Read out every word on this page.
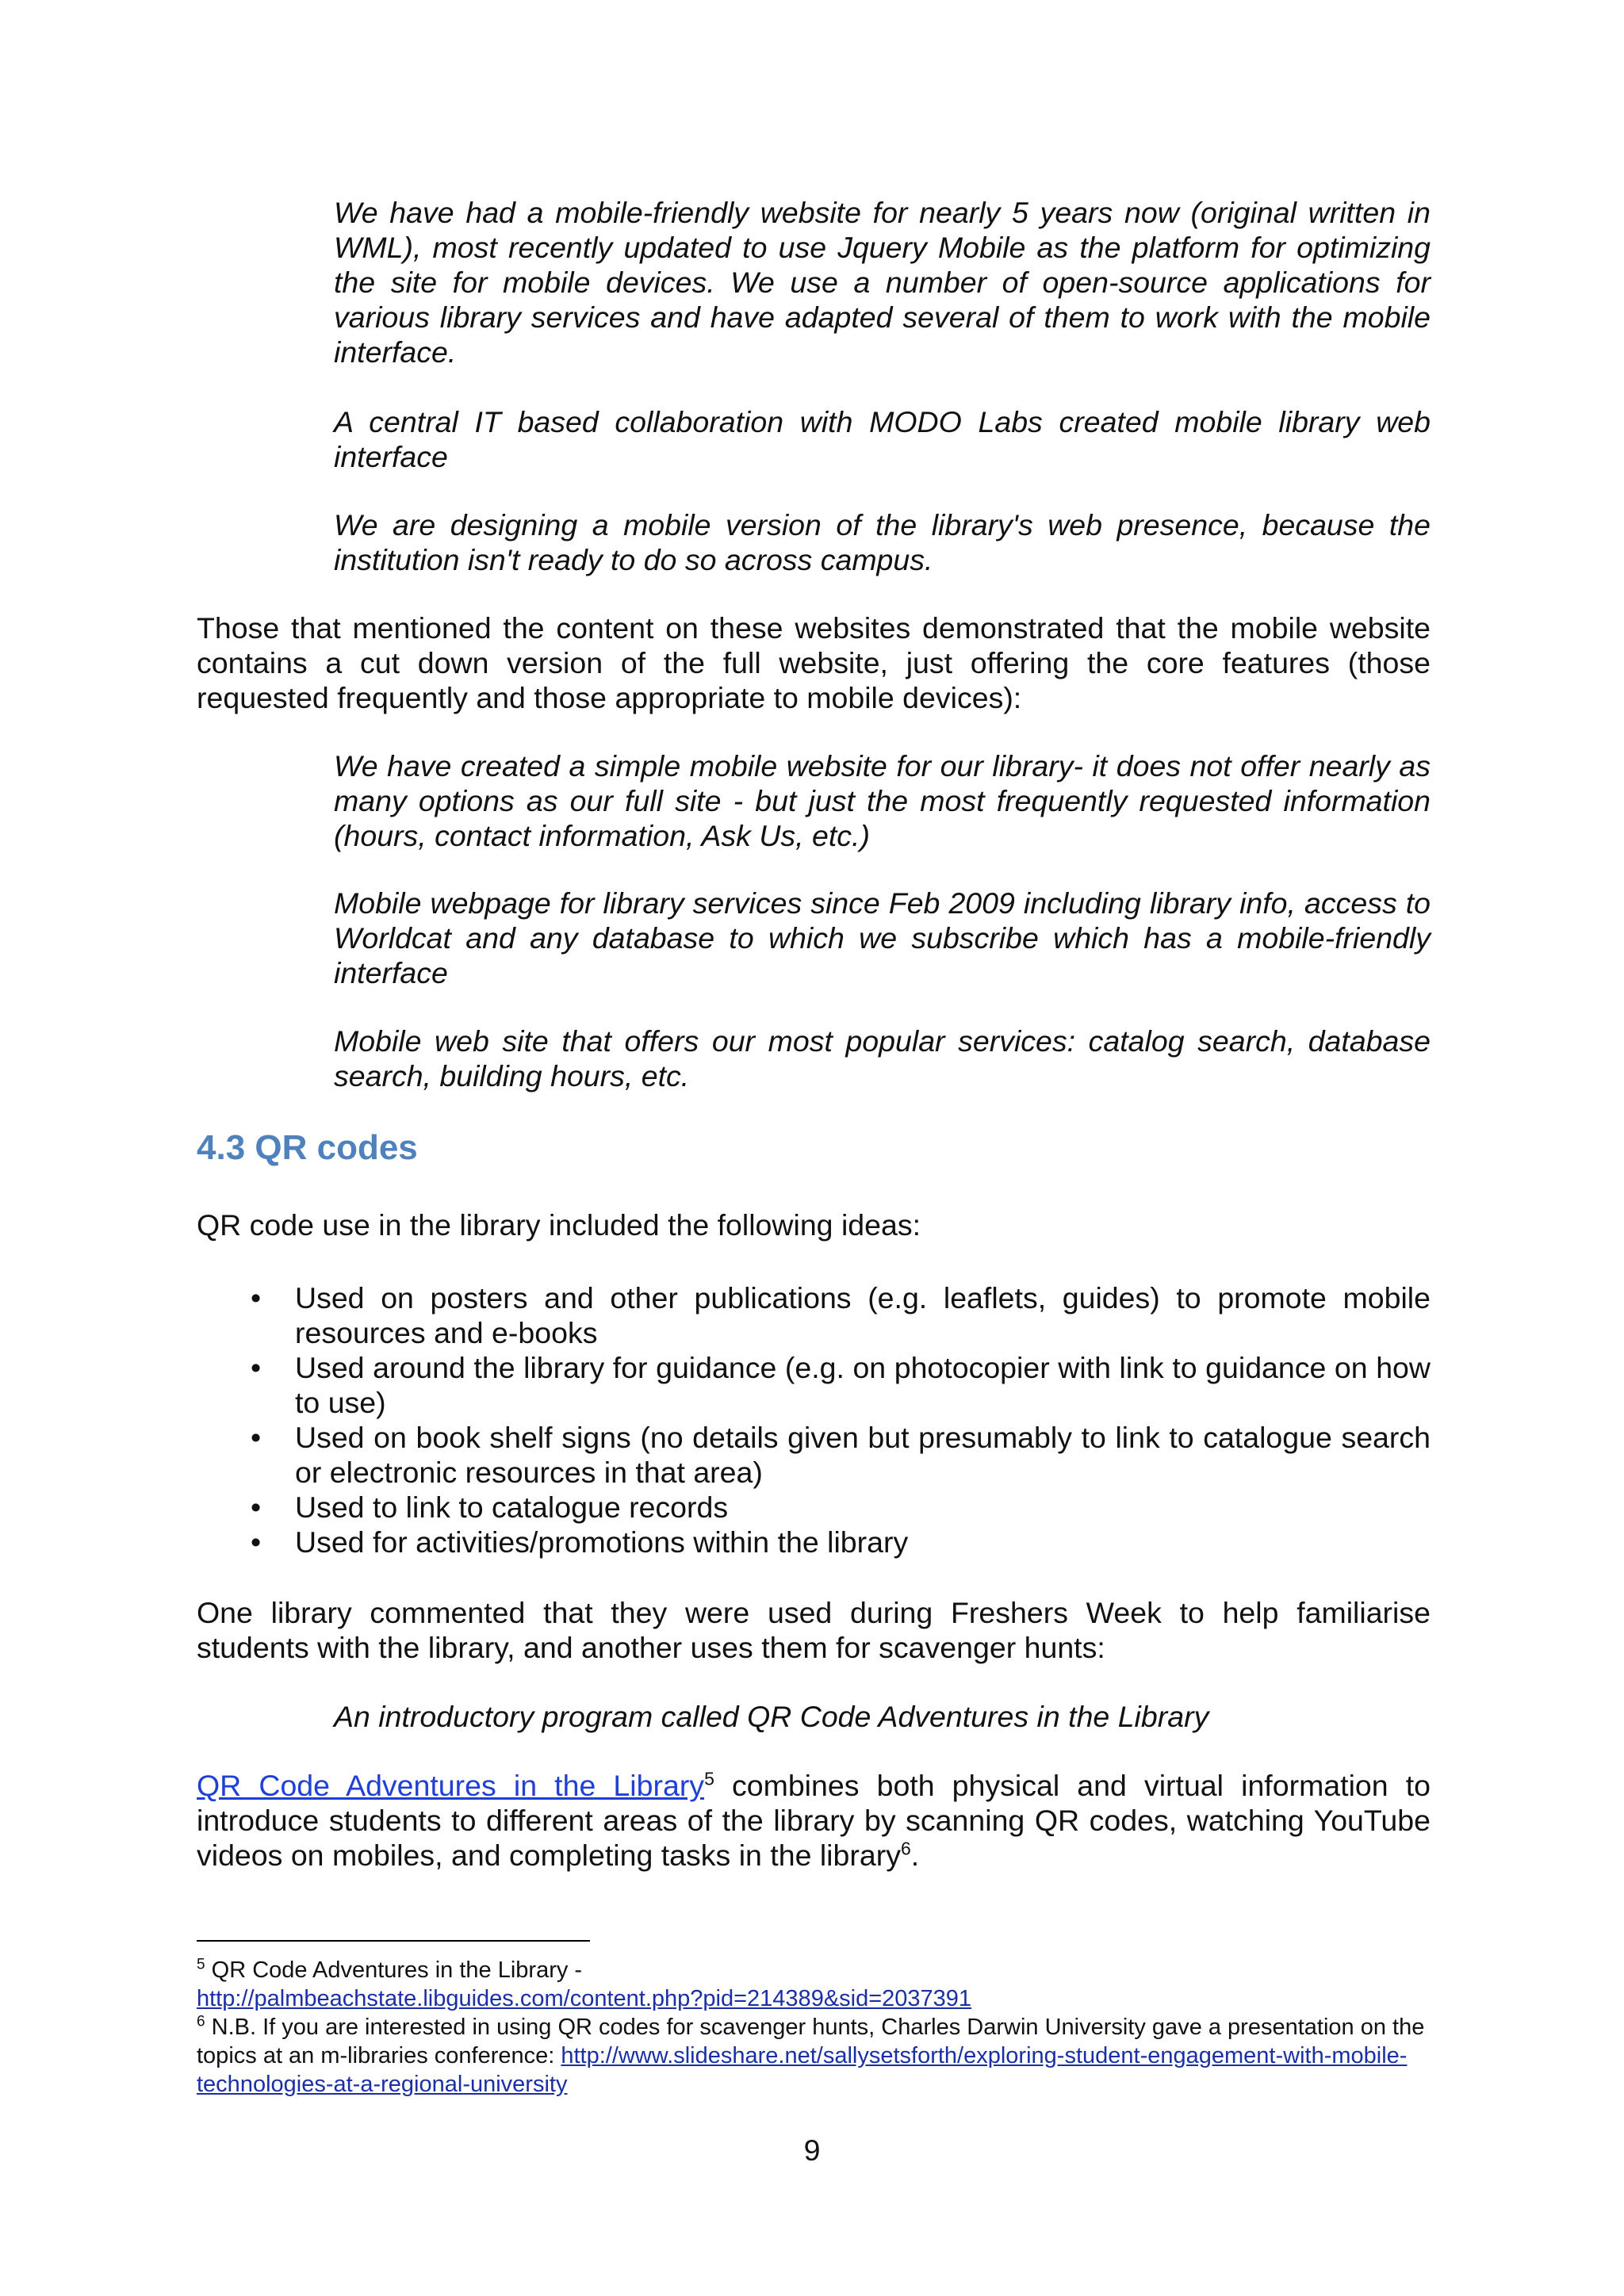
We have had a mobile-friendly website for nearly 5 years now (original written in WML), most recently updated to use Jquery Mobile as the platform for optimizing the site for mobile devices. We use a number of open-source applications for various library services and have adapted several of them to work with the mobile interface.

A central IT based collaboration with MODO Labs created mobile library web interface

We are designing a mobile version of the library's web presence, because the institution isn't ready to do so across campus.

Those that mentioned the content on these websites demonstrated that the mobile website contains a cut down version of the full website, just offering the core features (those requested frequently and those appropriate to mobile devices):

We have created a simple mobile website for our library- it does not offer nearly as many options as our full site - but just the most frequently requested information (hours, contact information, Ask Us, etc.)

Mobile webpage for library services since Feb 2009 including library info, access to Worldcat and any database to which we subscribe which has a mobile-friendly interface

Mobile web site that offers our most popular services: catalog search, database search, building hours, etc.

4.3 QR codes

QR code use in the library included the following ideas:

• Used on posters and other publications (e.g. leaflets, guides) to promote mobile resources and e-books
• Used around the library for guidance (e.g. on photocopier with link to guidance on how to use)
• Used on book shelf signs (no details given but presumably to link to catalogue search or electronic resources in that area)
• Used to link to catalogue records
• Used for activities/promotions within the library

One library commented that they were used during Freshers Week to help familiarise students with the library, and another uses them for scavenger hunts:

An introductory program called QR Code Adventures in the Library

QR Code Adventures in the Library$^5$ combines both physical and virtual information to introduce students to different areas of the library by scanning QR codes, watching YouTube videos on mobiles, and completing tasks in the library$^6$.

$^5$ QR Code Adventures in the Library -
http://palmbeachstate.libguides.com/content.php?pid=214389&sid=2037391

$^6$ N.B. If you are interested in using QR codes for scavenger hunts, Charles Darwin University gave a presentation on the topics at an m-libraries conference: http://www.slideshare.net/sallysetsforth/exploring-student-engagement-with-mobile-technologies-at-a-regional-university

9
